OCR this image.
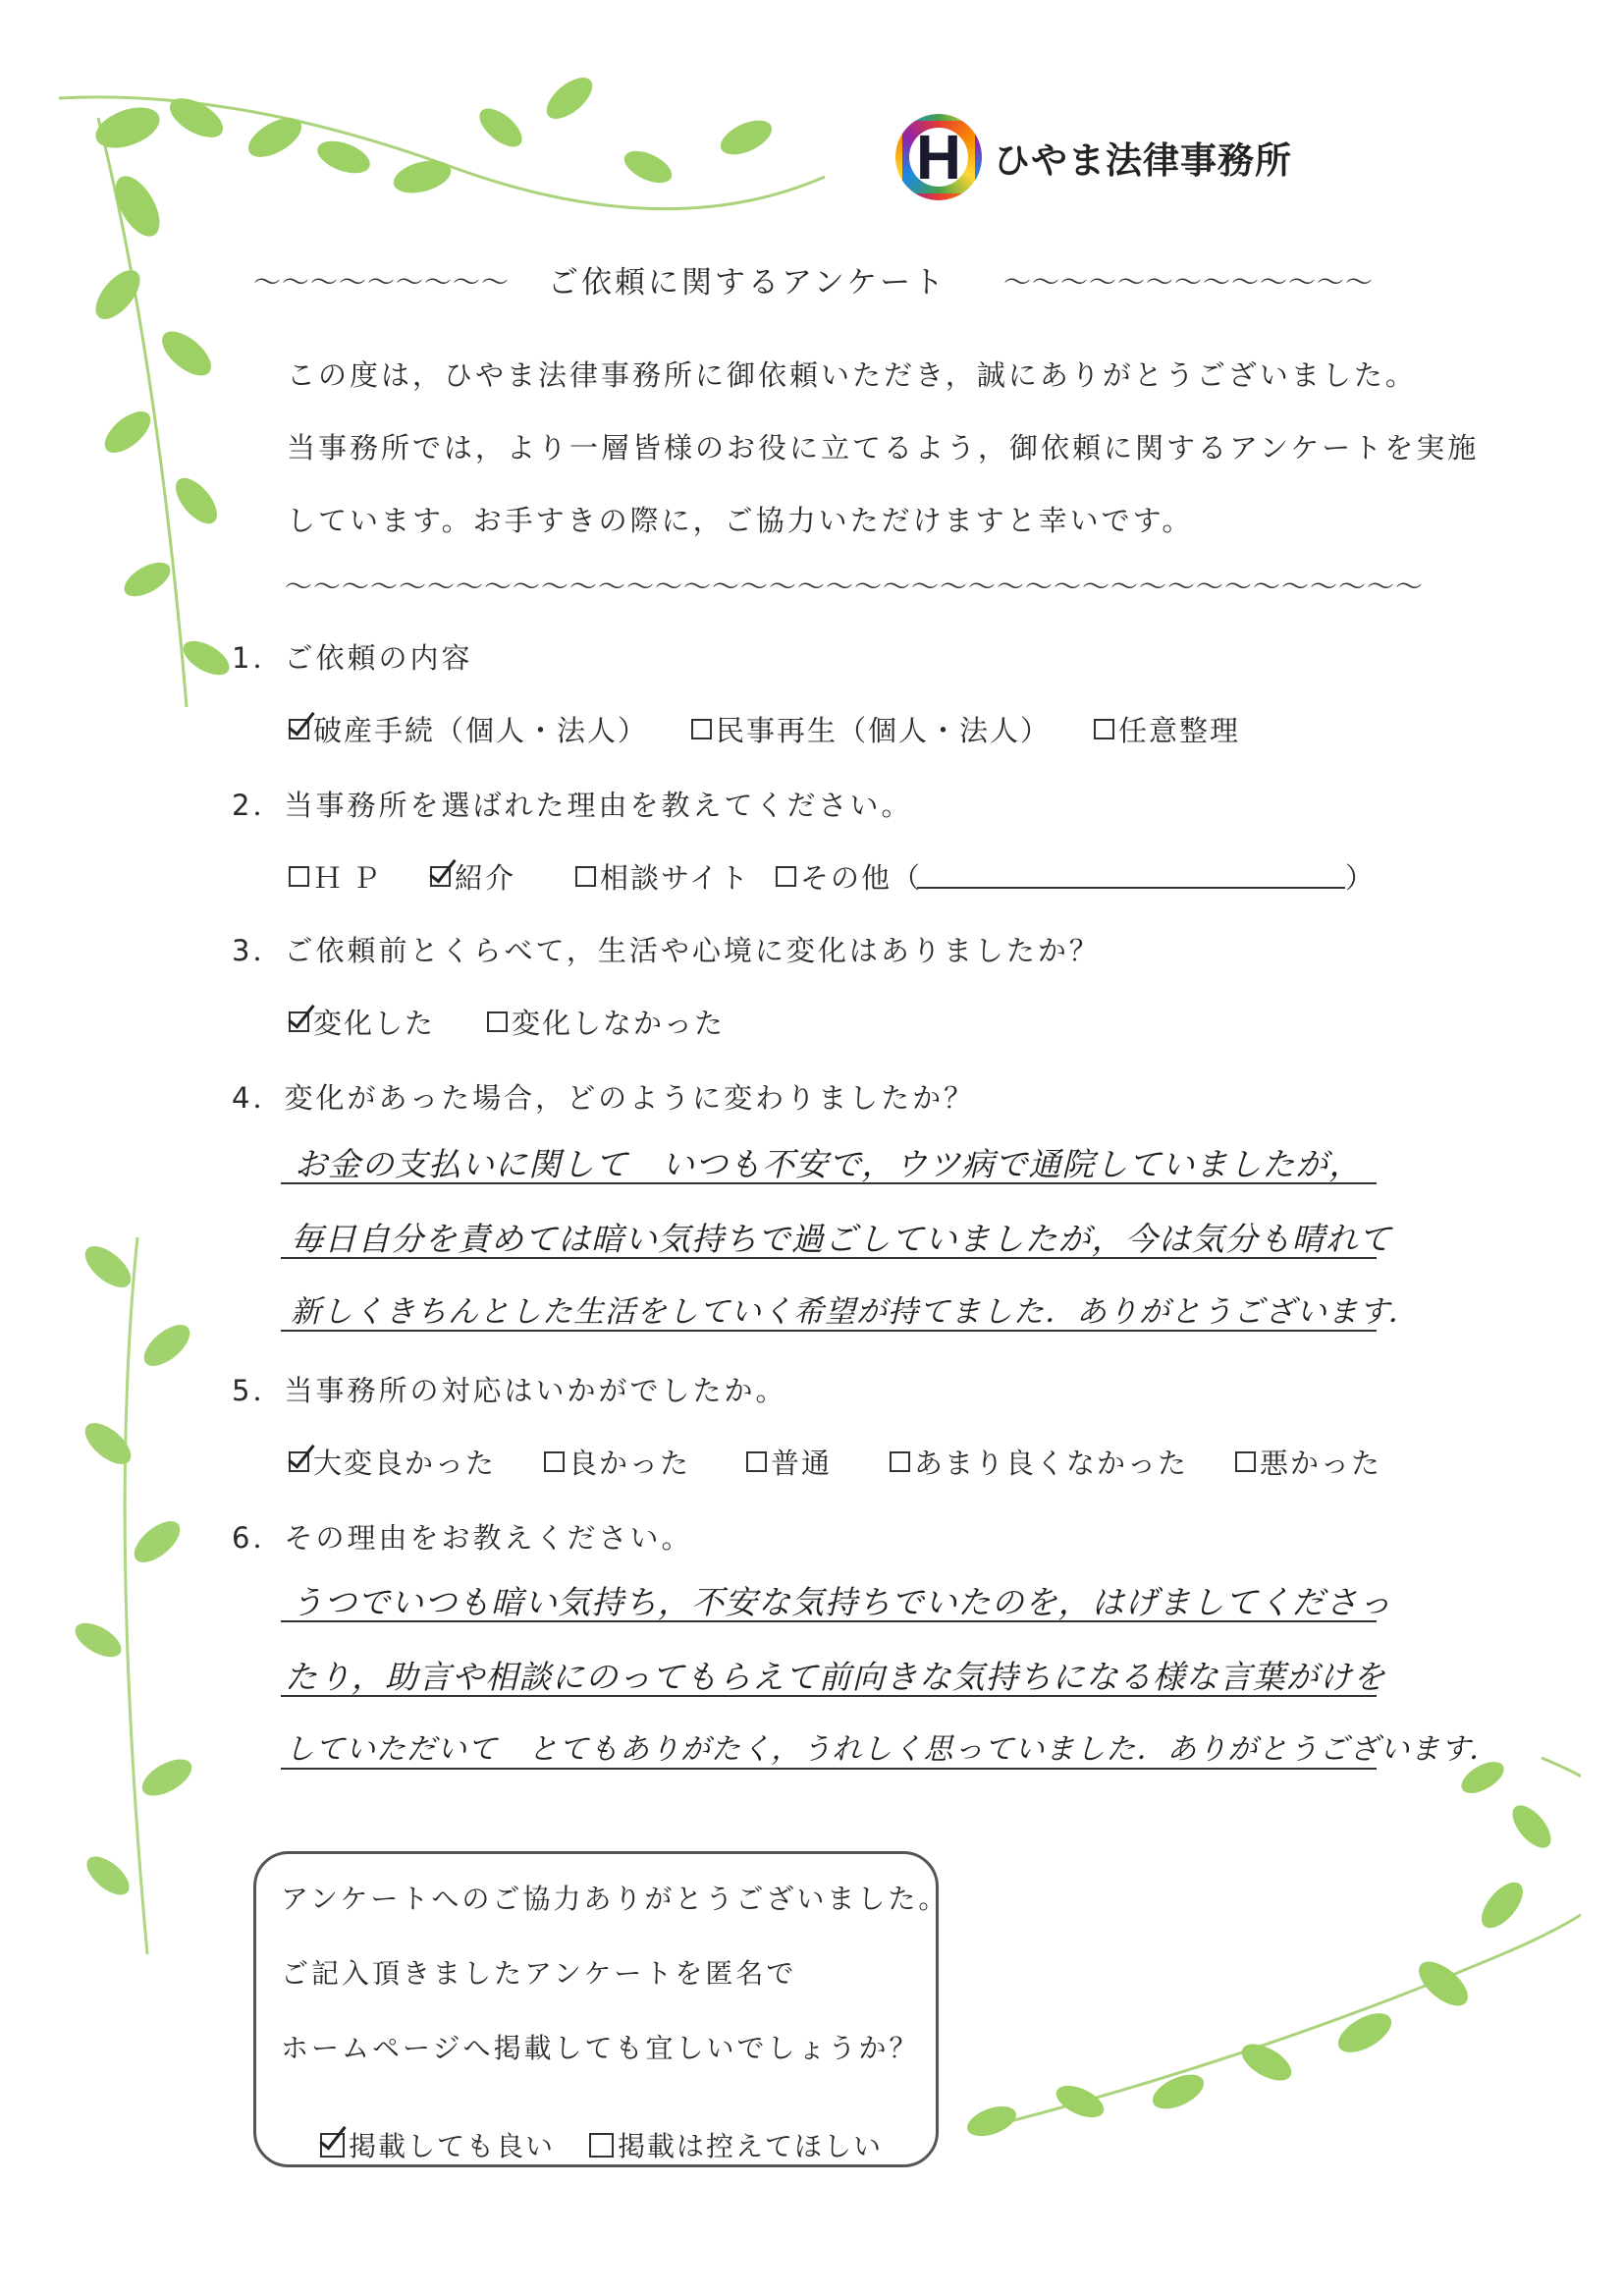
H ひやま法律事務所
〜〜〜〜〜〜〜〜〜 ご依頼に関するアンケート 〜〜〜〜〜〜〜〜〜〜〜〜〜
この度は，ひやま法律事務所に御依頼いただき，誠にありがとうございました。
当事務所では，より一層皆様のお役に立てるよう，御依頼に関するアンケートを実施
しています。お手すきの際に，ご協力いただけますと幸いです。
〜〜〜〜〜〜〜〜〜〜〜〜〜〜〜〜〜〜〜〜〜〜〜〜〜〜〜〜〜〜〜〜〜〜〜〜〜〜〜〜
1．ご依頼の内容
破産手続（個人・法人） 民事再生（個人・法人） 任意整理
2．当事務所を選ばれた理由を教えてください。
ＨＰ 紹介	相談サイト その他（	）
3．ご依頼前とくらべて，生活や心境に変化はありましたか？
変化した	変化しなかった
4．変化があった場合，どのように変わりましたか？
お金の支払いに関して　いつも不安で，ウツ病で通院していましたが，
毎日自分を責めては暗い気持ちで過ごしていましたが，今は気分も晴れて
新しくきちんとした生活をしていく希望が持てました．ありがとうございます．
5．当事務所の対応はいかがでしたか。
大変良かった	良かった	普通	あまり良くなかった	悪かった
6．その理由をお教えください。
うつでいつも暗い気持ち，不安な気持ちでいたのを，はげましてくださっ
たり，助言や相談にのってもらえて前向きな気持ちになる様な言葉がけを
していただいて　とてもありがたく，うれしく思っていました．ありがとうございます．
アンケートへのご協力ありがとうございました。
ご記入頂きましたアンケートを匿名で
ホームページへ掲載しても宜しいでしょうか？
掲載しても良い 掲載は控えてほしい
